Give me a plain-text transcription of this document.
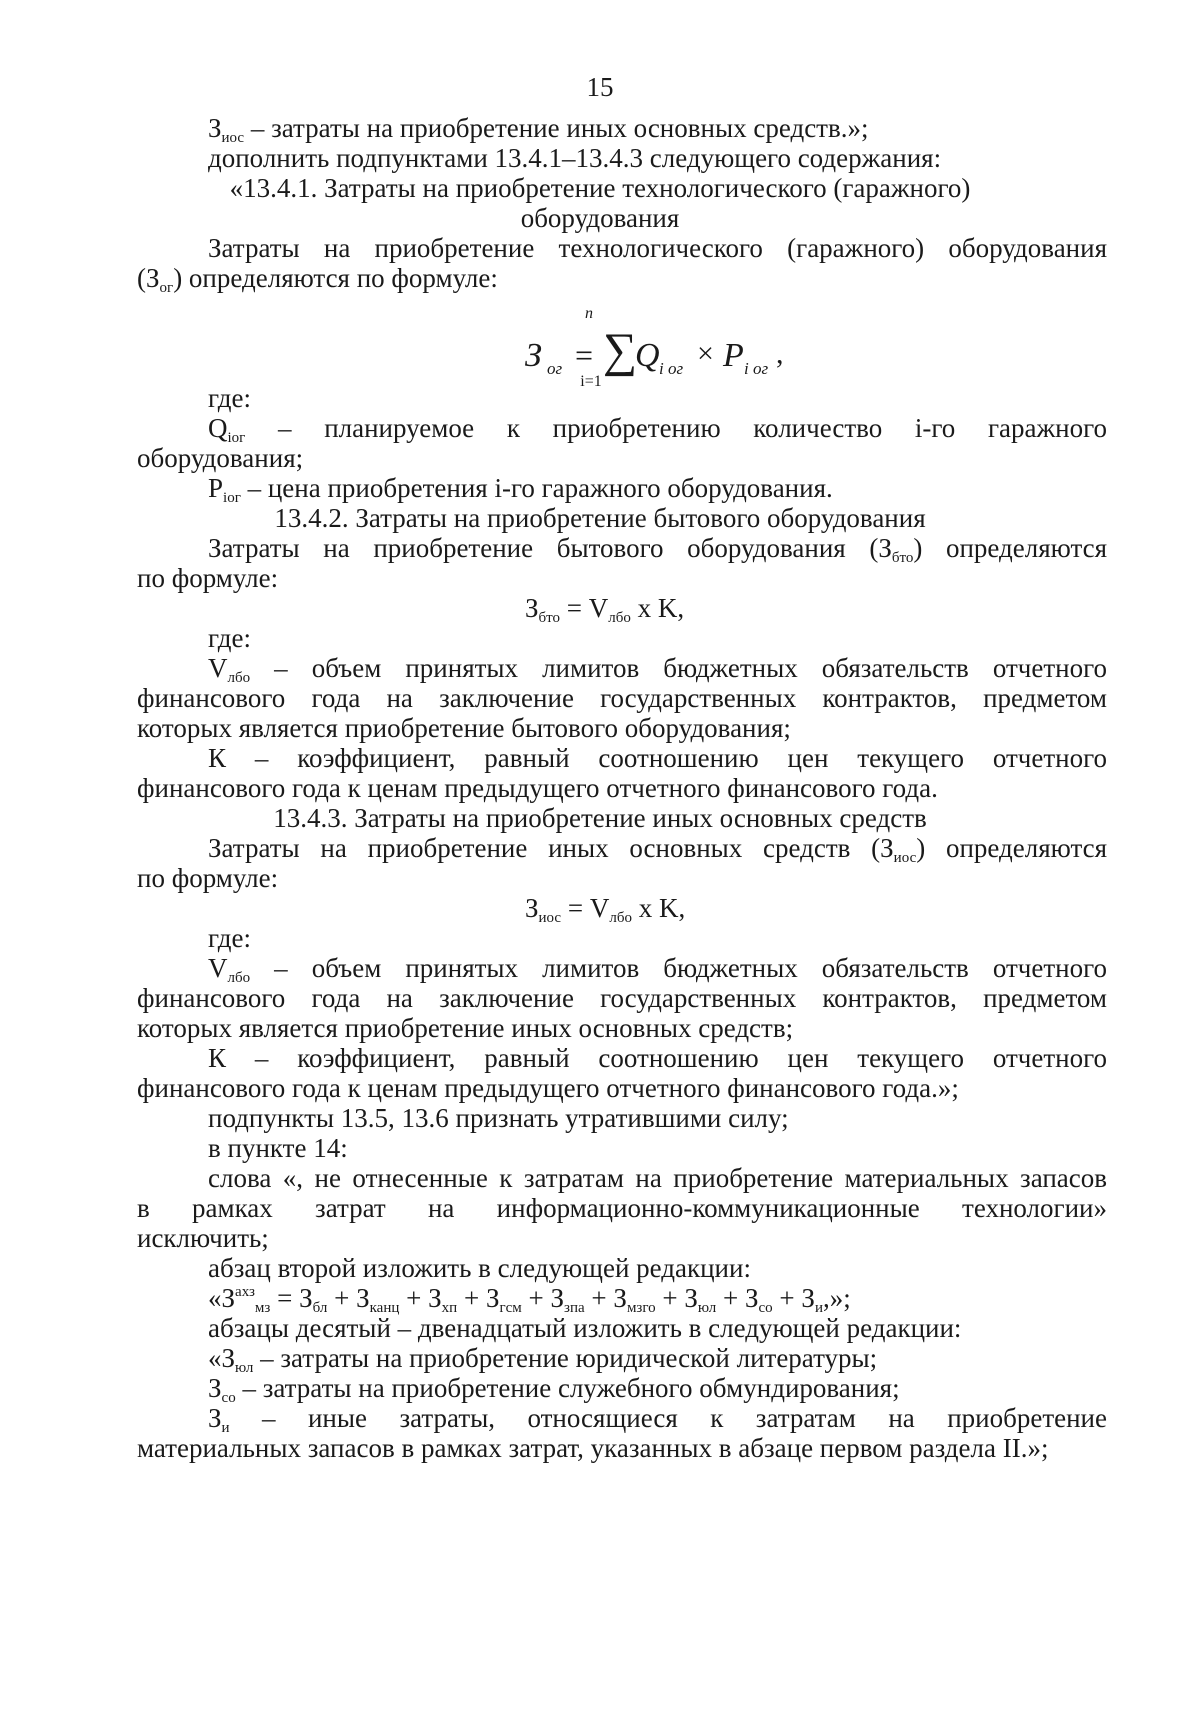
15
$З_{иос}$ – затраты на приобретение иных основных средств.»;
дополнить подпунктами 13.4.1–13.4.3 следующего содержания:
«13.4.1. Затраты на приобретение технологического (гаражного)
оборудования
Затраты на приобретение технологического (гаражного) оборудования
$(З_{ог})$ определяются по формуле:
З ог =
n
∑
i=1
Q i ог × P i ог ,
где:
$Q_{iог}$ – планируемое к приобретению количество i-го гаражного
оборудования;
$P_{iог}$ – цена приобретения i-го гаражного оборудования.
13.4.2. Затраты на приобретение бытового оборудования
Затраты на приобретение бытового оборудования $(З_{бто})$ определяются
по формуле:
$З_{бто} = V_{лбо}$ x K,
где:
$V_{лбо}$ – объем принятых лимитов бюджетных обязательств отчетного
финансового года на заключение государственных контрактов, предметом
которых является приобретение бытового оборудования;
К – коэффициент, равный соотношению цен текущего отчетного
финансового года к ценам предыдущего отчетного финансового года.
13.4.3. Затраты на приобретение иных основных средств
Затраты на приобретение иных основных средств $(З_{иос})$ определяются
по формуле:
$З_{иос} = V_{лбо}$ x K,
где:
$V_{лбо}$ – объем принятых лимитов бюджетных обязательств отчетного
финансового года на заключение государственных контрактов, предметом
которых является приобретение иных основных средств;
К – коэффициент, равный соотношению цен текущего отчетного
финансового года к ценам предыдущего отчетного финансового года.»;
подпункты 13.5, 13.6 признать утратившими силу;
в пункте 14:
слова «, не отнесенные к затратам на приобретение материальных запасов
в рамках затрат на информационно-коммуникационные технологии»
исключить;
абзац второй изложить в следующей редакции:
«$З^{ахз}_{мз} = З_{бл} + З_{канц} + З_{хп} + З_{гсм} + З_{зпа} + З_{мзго} + З_{юл} + З_{со} + З_и$,»;
абзацы десятый – двенадцатый изложить в следующей редакции:
«$З_{юл}$ – затраты на приобретение юридической литературы;
$З_{со}$ – затраты на приобретение служебного обмундирования;
$З_и$ – иные затраты, относящиеся к затратам на приобретение
материальных запасов в рамках затрат, указанных в абзаце первом раздела II.»;
